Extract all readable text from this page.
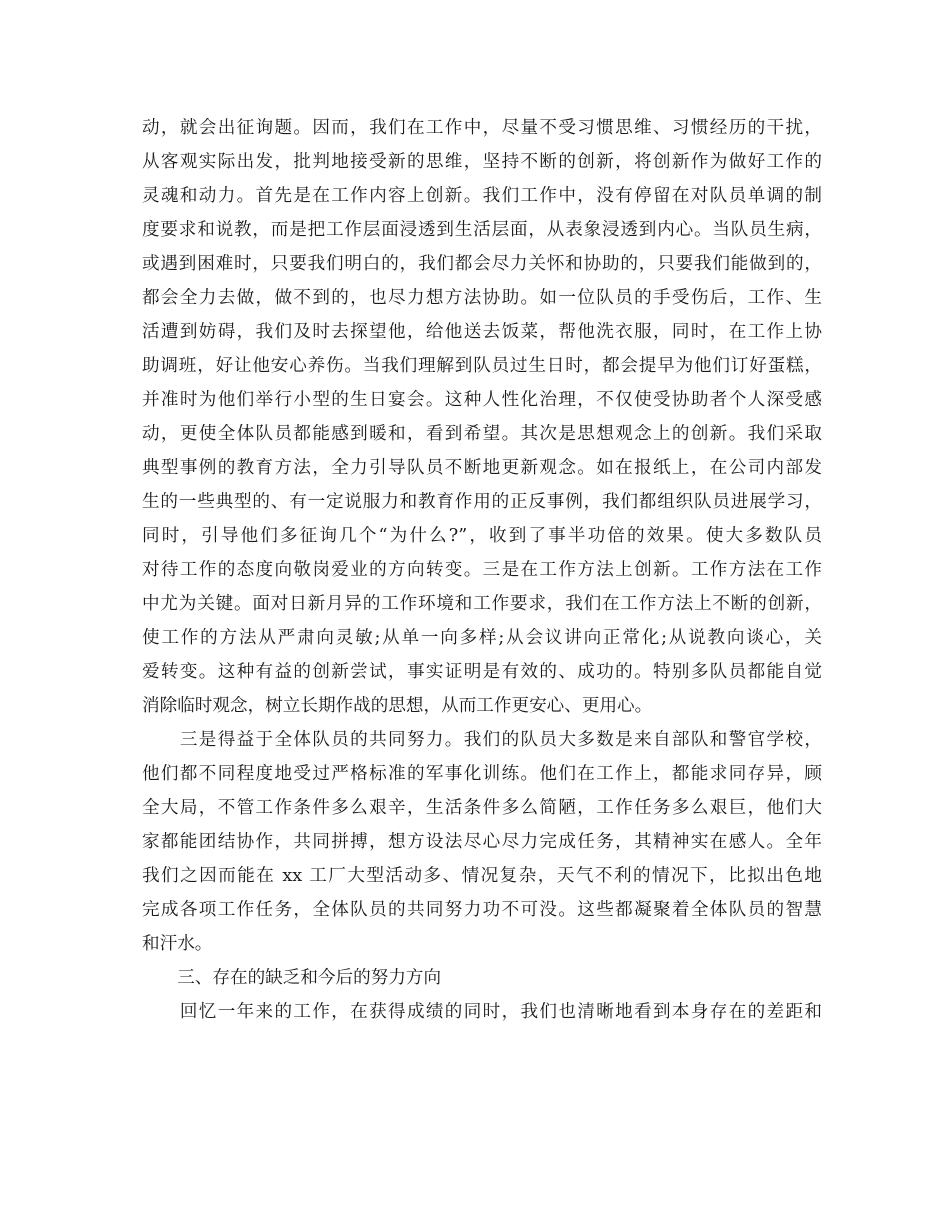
动，就会出征询题。因而，我们在工作中，尽量不受习惯思维、习惯经历的干扰，
从客观实际出发，批判地接受新的思维，坚持不断的创新，将创新作为做好工作的
灵魂和动力。首先是在工作内容上创新。我们工作中，没有停留在对队员单调的制
度要求和说教，而是把工作层面浸透到生活层面，从表象浸透到内心。当队员生病，
或遇到困难时，只要我们明白的，我们都会尽力关怀和协助的，只要我们能做到的，
都会全力去做，做不到的，也尽力想方法协助。如一位队员的手受伤后，工作、生
活遭到妨碍，我们及时去探望他，给他送去饭菜，帮他洗衣服，同时，在工作上协
助调班，好让他安心养伤。当我们理解到队员过生日时，都会提早为他们订好蛋糕，
并准时为他们举行小型的生日宴会。这种人性化治理，不仅使受协助者个人深受感
动，更使全体队员都能感到暖和，看到希望。其次是思想观念上的创新。我们采取
典型事例的教育方法，全力引导队员不断地更新观念。如在报纸上，在公司内部发
生的一些典型的、有一定说服力和教育作用的正反事例，我们都组织队员进展学习，
同时，引导他们多征询几个“为什么?”，收到了事半功倍的效果。使大多数队员
对待工作的态度向敬岗爱业的方向转变。三是在工作方法上创新。工作方法在工作
中尤为关键。面对日新月异的工作环境和工作要求，我们在工作方法上不断的创新，
使工作的方法从严肃向灵敏;从单一向多样;从会议讲向正常化;从说教向谈心，关
爱转变。这种有益的创新尝试，事实证明是有效的、成功的。特别多队员都能自觉
消除临时观念，树立长期作战的思想，从而工作更安心、更用心。
　　三是得益于全体队员的共同努力。我们的队员大多数是来自部队和警官学校，
他们都不同程度地受过严格标准的军事化训练。他们在工作上，都能求同存异，顾
全大局，不管工作条件多么艰辛，生活条件多么简陋，工作任务多么艰巨，他们大
家都能团结协作，共同拼搏，想方设法尽心尽力完成任务，其精神实在感人。全年
我们之因而能在 xx 工厂大型活动多、情况复杂，天气不利的情况下，比拟出色地
完成各项工作任务，全体队员的共同努力功不可没。这些都凝聚着全体队员的智慧
和汗水。
　　三、存在的缺乏和今后的努力方向
　　回忆一年来的工作，在获得成绩的同时，我们也清晰地看到本身存在的差距和
